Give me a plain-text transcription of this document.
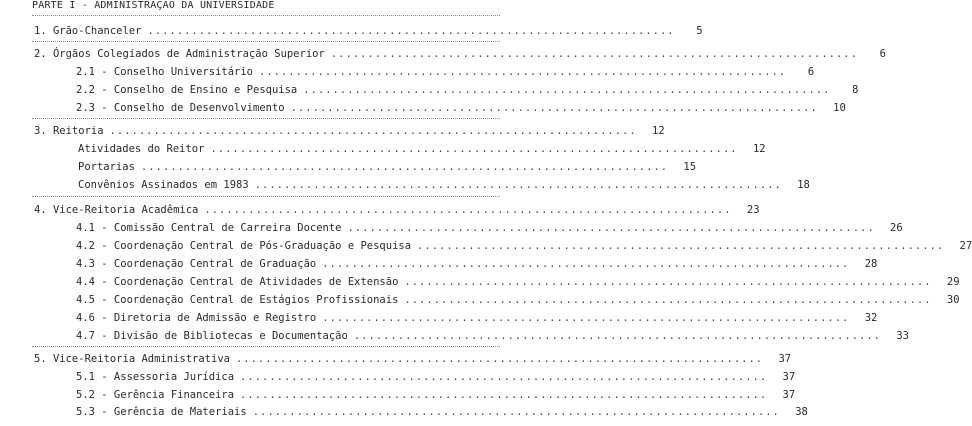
PARTE I - ADMINISTRAÇÃO DA UNIVERSIDADE
1. Grão-Chanceler ........................................................................	5
2. Órgãos Colegiados de Administração Superior ........................................................................	6
2.1 - Conselho Universitário ........................................................................	6
2.2 - Conselho de Ensino e Pesquisa ........................................................................	8
2.3 - Conselho de Desenvolvimento ........................................................................	10
3. Reitoria ........................................................................	12
Atividades do Reitor ........................................................................	12
Portarias ........................................................................	15
Convênios Assinados em 1983 ........................................................................	18
4. Vice-Reitoria Acadêmica ........................................................................	23
4.1 - Comissão Central de Carreira Docente ........................................................................	26
4.2 - Coordenação Central de Pós-Graduação e Pesquisa ........................................................................	27
4.3 - Coordenação Central de Graduação ........................................................................	28
4.4 - Coordenação Central de Atividades de Extensão ........................................................................	29
4.5 - Coordenação Central de Estágios Profissionais ........................................................................	30
4.6 - Diretoria de Admissão e Registro ........................................................................	32
4.7 - Divisão de Bibliotecas e Documentação ........................................................................	33
5. Vice-Reitoria Administrativa ........................................................................	37
5.1 - Assessoria Jurídica ........................................................................	37
5.2 - Gerência Financeira ........................................................................	37
5.3 - Gerência de Materiais ........................................................................	38
